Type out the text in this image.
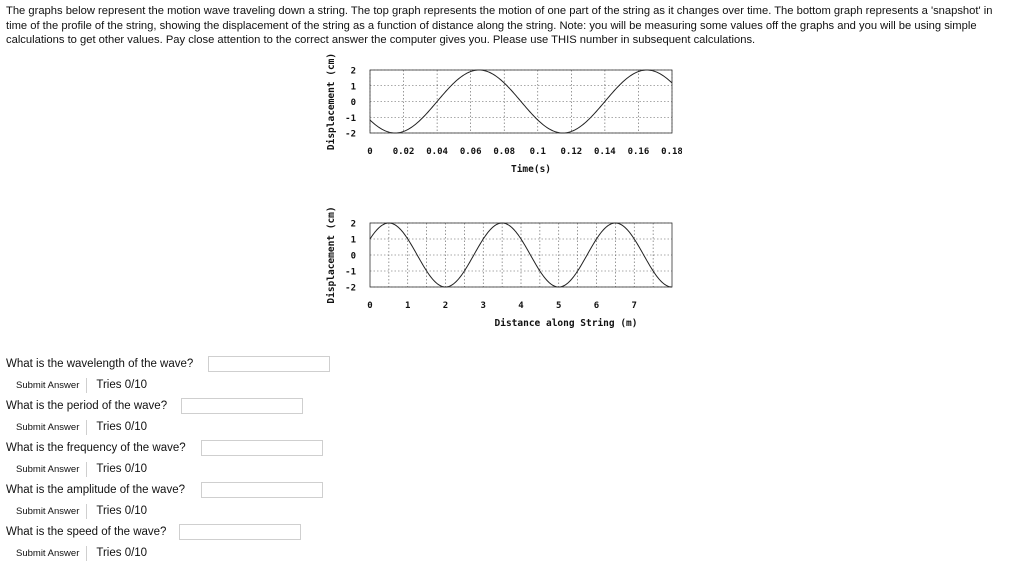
The graphs below represent the motion wave traveling down a string. The top graph represents the motion of one part of the string as it changes over time. The bottom graph represents a 'snapshot' in time of the profile of the string, showing the displacement of the string as a function of distance along the string. Note: you will be measuring some values off the graphs and you will be using simple calculations to get other values. Pay close attention to the correct answer the computer gives you. Please use THIS number in subsequent calculations.
2
1
0
-1
-2
0 0.02 0.04 0.06 0.08 0.1 0.12 0.14 0.16 0.18
Time(s)
Displacement (cm)
2
1
0
-1
-2
0	1	2	3	4	5	6	7
Distance along String (m)
Displacement (cm)
What is the wavelength of the wave?
Submit Answer	Tries 0/10
What is the period of the wave?
Submit Answer	Tries 0/10
What is the frequency of the wave?
Submit Answer	Tries 0/10
What is the amplitude of the wave?
Submit Answer	Tries 0/10
What is the speed of the wave?
Submit Answer	Tries 0/10
